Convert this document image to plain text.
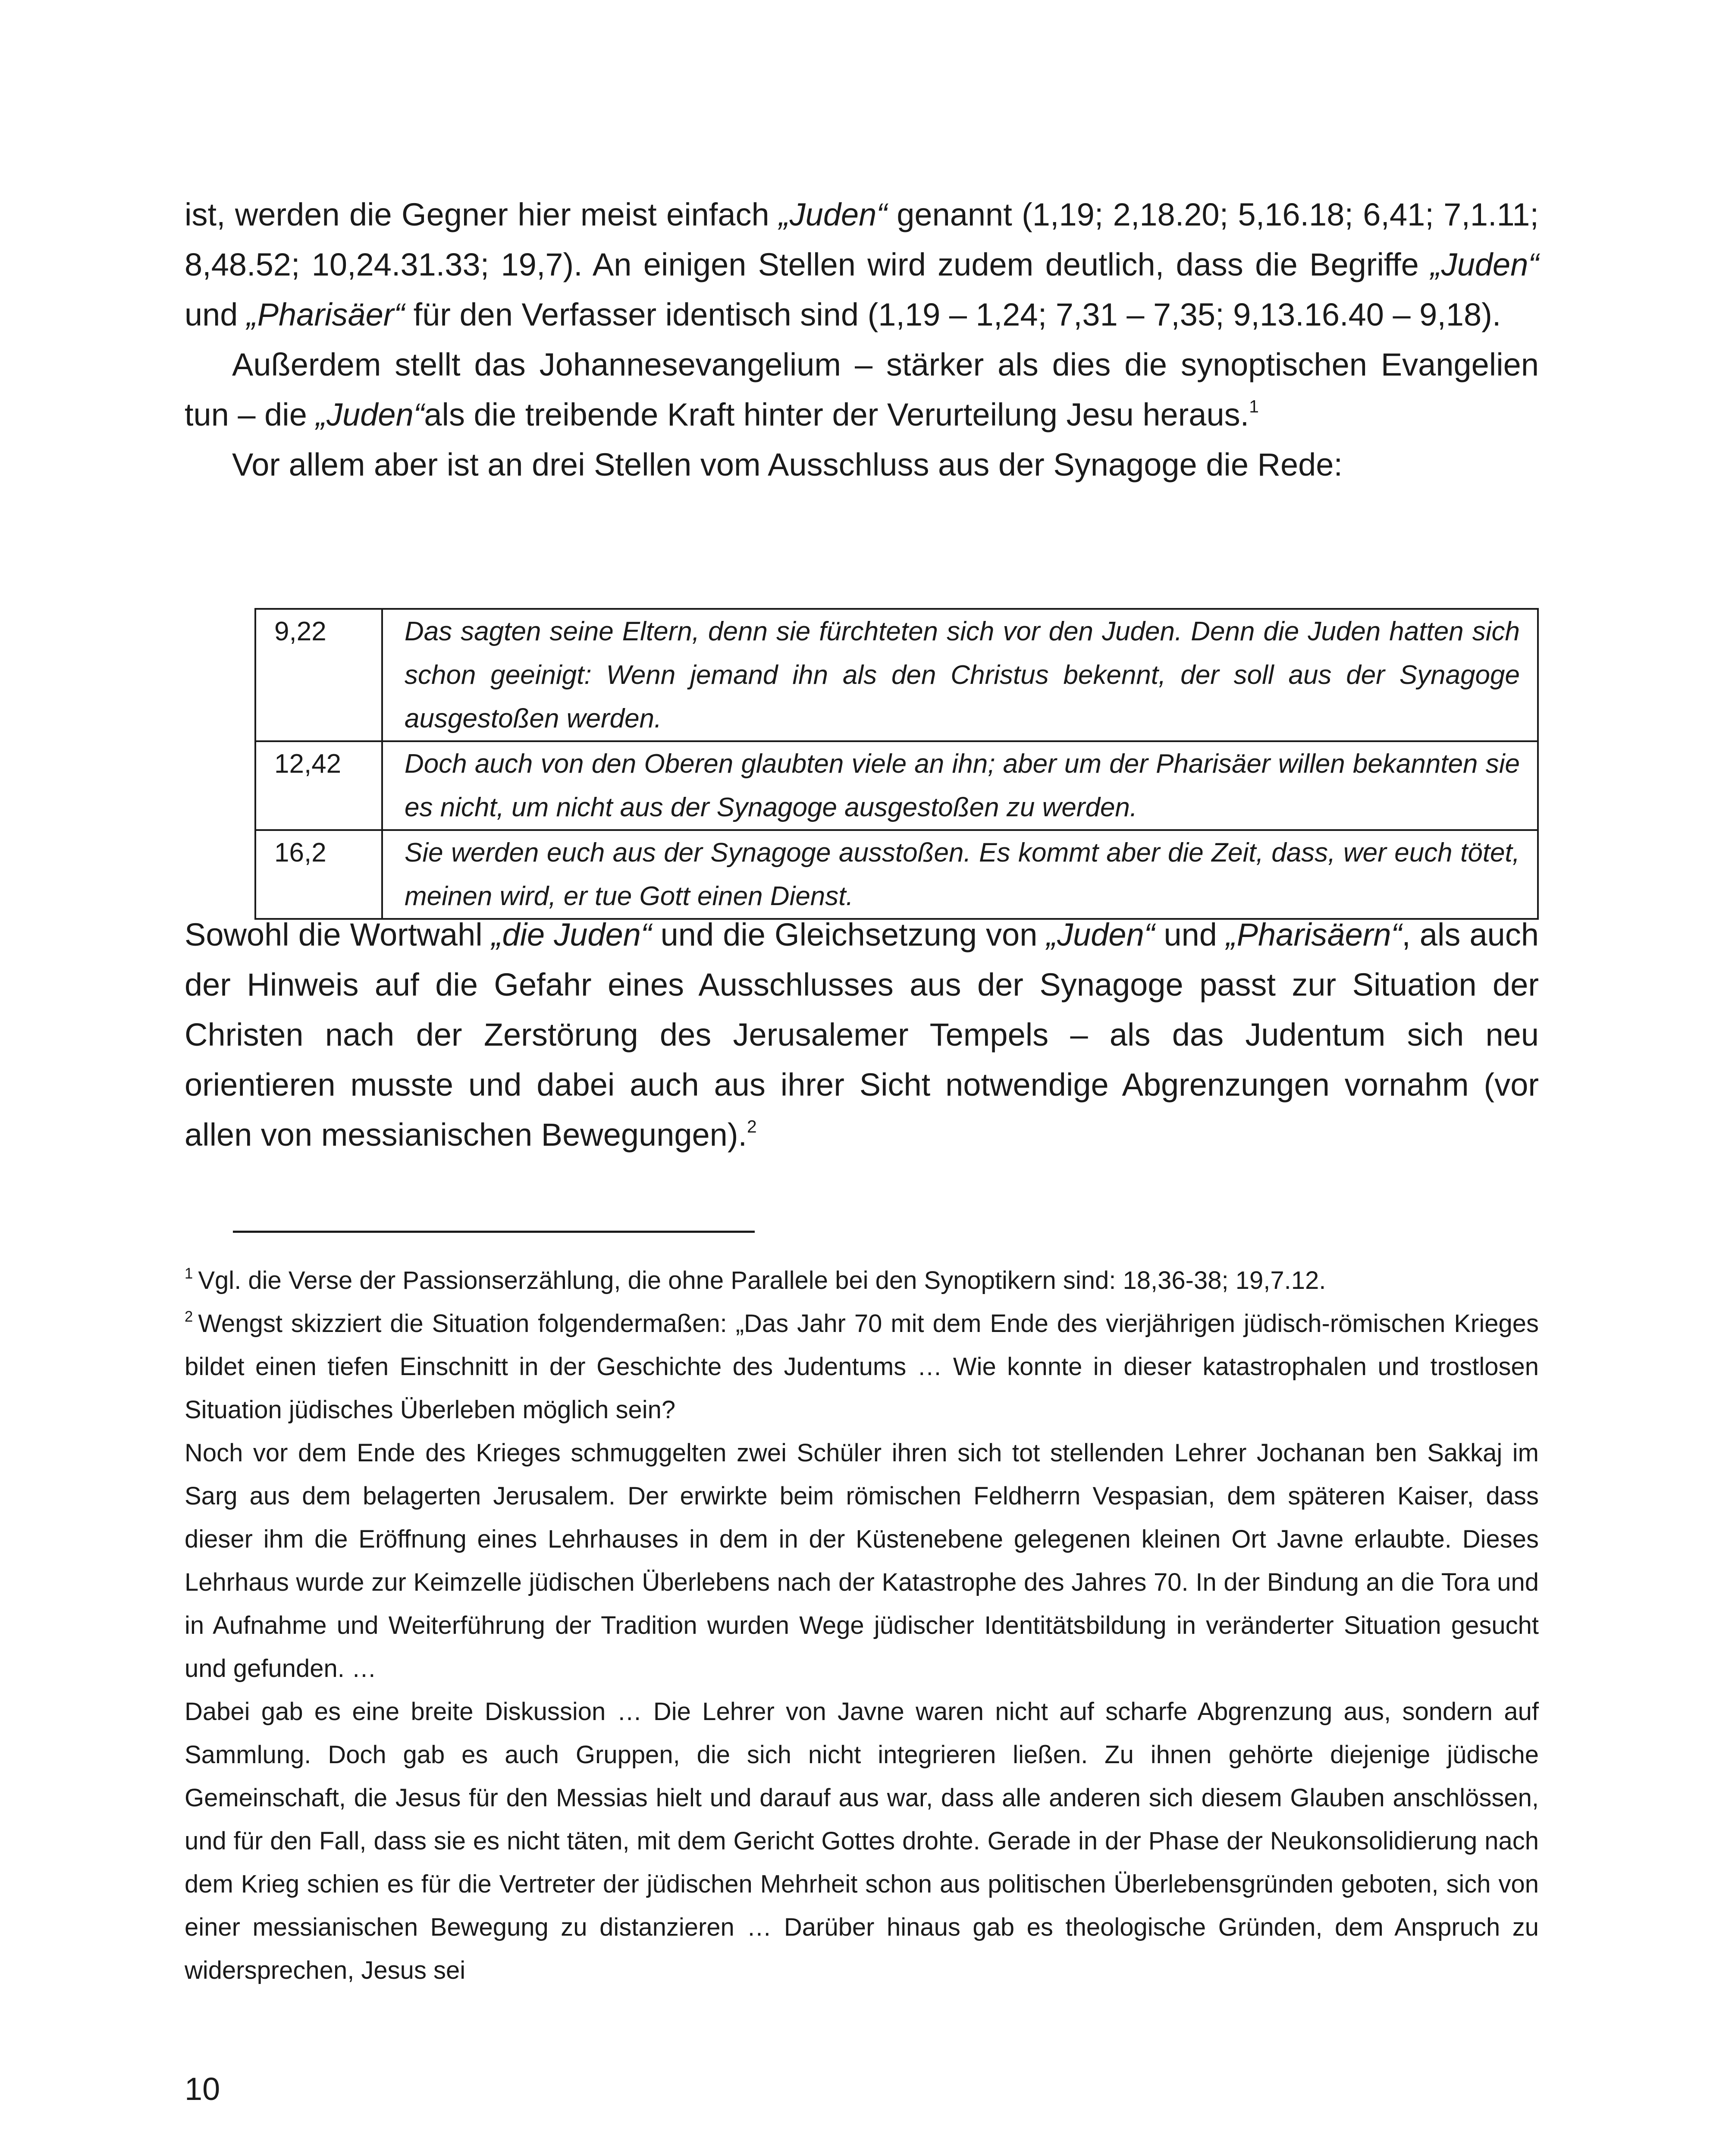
ist, werden die Gegner hier meist einfach „Juden“ genannt (1,19; 2,18.20; 5,16.18; 6,41; 7,1.11; 8,48.52; 10,24.31.33; 19,7). An einigen Stellen wird zudem deutlich, dass die Begriffe „Juden“ und „Pharisäer“ für den Verfasser identisch sind (1,19 – 1,24; 7,31 – 7,35; 9,13.16.40 – 9,18).

Außerdem stellt das Johannesevangelium – stärker als dies die synoptischen Evangelien tun – die „Juden“als die treibende Kraft hinter der Verurteilung Jesu heraus.$^1$

Vor allem aber ist an drei Stellen vom Ausschluss aus der Synagoge die Rede:

9,22	Das sagten seine Eltern, denn sie fürchteten sich vor den Juden. Denn die Juden hatten sich schon geeinigt: Wenn jemand ihn als den Christus bekennt, der soll aus der Synagoge ausgestoßen werden.
12,42	Doch auch von den Oberen glaubten viele an ihn; aber um der Pharisäer willen bekannten sie es nicht, um nicht aus der Synagoge ausgestoßen zu werden.
16,2	Sie werden euch aus der Synagoge ausstoßen. Es kommt aber die Zeit, dass, wer euch tötet, meinen wird, er tue Gott einen Dienst.

Sowohl die Wortwahl „die Juden“ und die Gleichsetzung von „Juden“ und „Pharisäern“, als auch der Hinweis auf die Gefahr eines Ausschlusses aus der Synagoge passt zur Situation der Christen nach der Zerstörung des Jerusalemer Tempels – als das Judentum sich neu orientieren musste und dabei auch aus ihrer Sicht notwendige Abgrenzungen vornahm (vor allen von messianischen Bewegungen).$^2$

$^1$ Vgl. die Verse der Passionserzählung, die ohne Parallele bei den Synoptikern sind: 18,36-38; 19,7.12.

$^2$ Wengst skizziert die Situation folgendermaßen: „Das Jahr 70 mit dem Ende des vierjährigen jüdisch-römischen Krieges bildet einen tiefen Einschnitt in der Geschichte des Judentums … Wie konnte in dieser katastrophalen und trostlosen Situation jüdisches Überleben möglich sein?

Noch vor dem Ende des Krieges schmuggelten zwei Schüler ihren sich tot stellenden Lehrer Jochanan ben Sakkaj im Sarg aus dem belagerten Jerusalem. Der erwirkte beim römischen Feldherrn Vespasian, dem späteren Kaiser, dass dieser ihm die Eröffnung eines Lehrhauses in dem in der Küstenebene gelegenen kleinen Ort Javne erlaubte. Dieses Lehrhaus wurde zur Keimzelle jüdischen Überlebens nach der Katastrophe des Jahres 70. In der Bindung an die Tora und in Aufnahme und Weiterführung der Tradition wurden Wege jüdischer Identitätsbildung in veränderter Situation gesucht und gefunden. …

Dabei gab es eine breite Diskussion … Die Lehrer von Javne waren nicht auf scharfe Abgrenzung aus, sondern auf Sammlung. Doch gab es auch Gruppen, die sich nicht integrieren ließen. Zu ihnen gehörte diejenige jüdische Gemeinschaft, die Jesus für den Messias hielt und darauf aus war, dass alle anderen sich diesem Glauben anschlössen, und für den Fall, dass sie es nicht täten, mit dem Gericht Gottes drohte. Gerade in der Phase der Neukonsolidierung nach dem Krieg schien es für die Vertreter der jüdischen Mehrheit schon aus politischen Überlebensgründen geboten, sich von einer messianischen Bewegung zu distanzieren … Darüber hinaus gab es theologische Gründen, dem Anspruch zu widersprechen, Jesus sei

10
